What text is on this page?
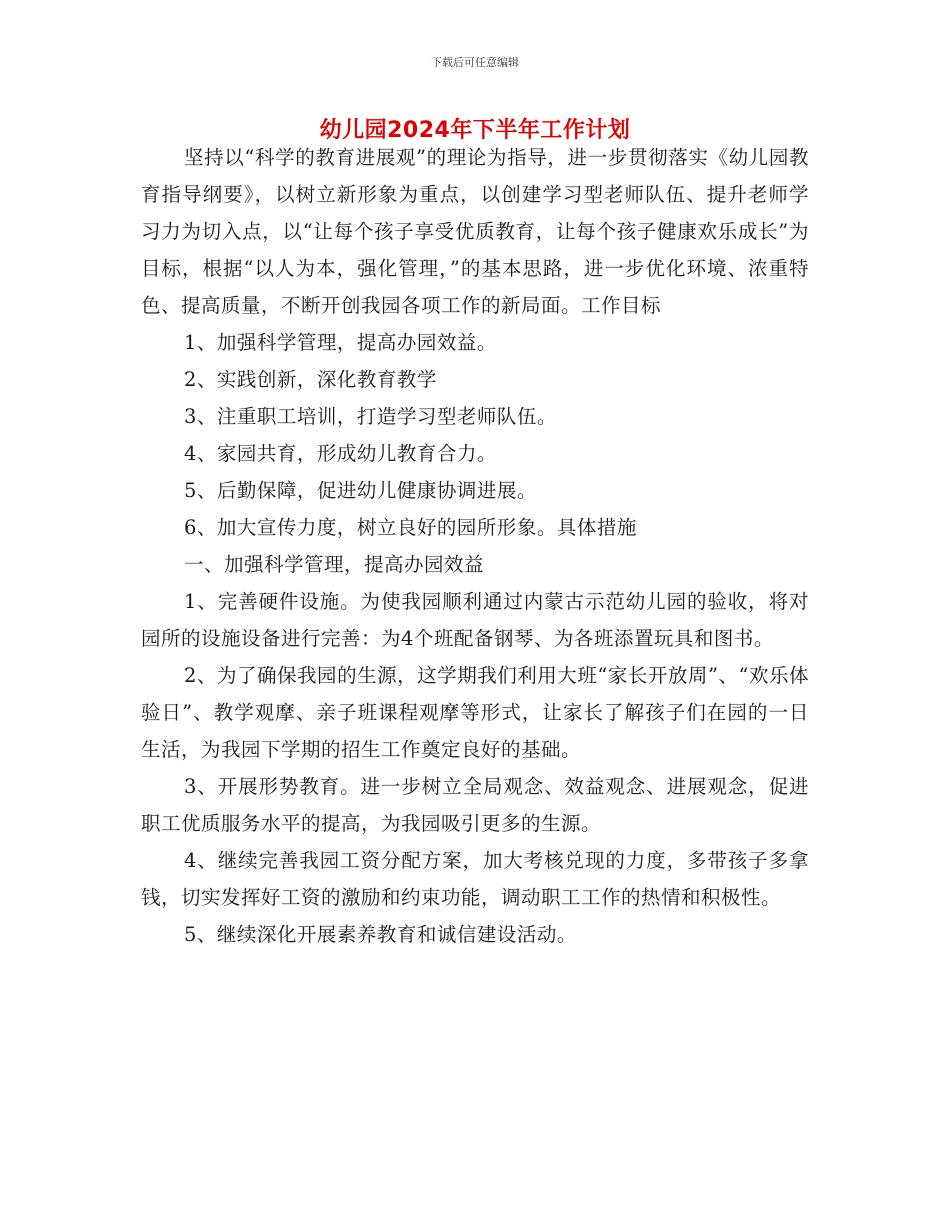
下载后可任意编辑
幼儿园2024年下半年工作计划

坚持以“科学的教育进展观”的理论为指导，进一步贯彻落实《幼儿园教育指导纲要》，以树立新形象为重点，以创建学习型老师队伍、提升老师学习力为切入点，以“让每个孩子享受优质教育，让每个孩子健康欢乐成长”为目标，根据“以人为本，强化管理，”的基本思路，进一步优化环境、浓重特色、提高质量，不断开创我园各项工作的新局面。工作目标

1、加强科学管理，提高办园效益。

2、实践创新，深化教育教学

3、注重职工培训，打造学习型老师队伍。

4、家园共育，形成幼儿教育合力。

5、后勤保障，促进幼儿健康协调进展。

6、加大宣传力度，树立良好的园所形象。具体措施

一、加强科学管理，提高办园效益

1、完善硬件设施。为使我园顺利通过内蒙古示范幼儿园的验收，将对园所的设施设备进行完善：为4个班配备钢琴、为各班添置玩具和图书。

2、为了确保我园的生源，这学期我们利用大班“家长开放周”、“欢乐体验日”、教学观摩、亲子班课程观摩等形式，让家长了解孩子们在园的一日生活，为我园下学期的招生工作奠定良好的基础。

3、开展形势教育。进一步树立全局观念、效益观念、进展观念，促进职工优质服务水平的提高，为我园吸引更多的生源。

4、继续完善我园工资分配方案，加大考核兑现的力度，多带孩子多拿钱，切实发挥好工资的激励和约束功能，调动职工工作的热情和积极性。

5、继续深化开展素养教育和诚信建设活动。
